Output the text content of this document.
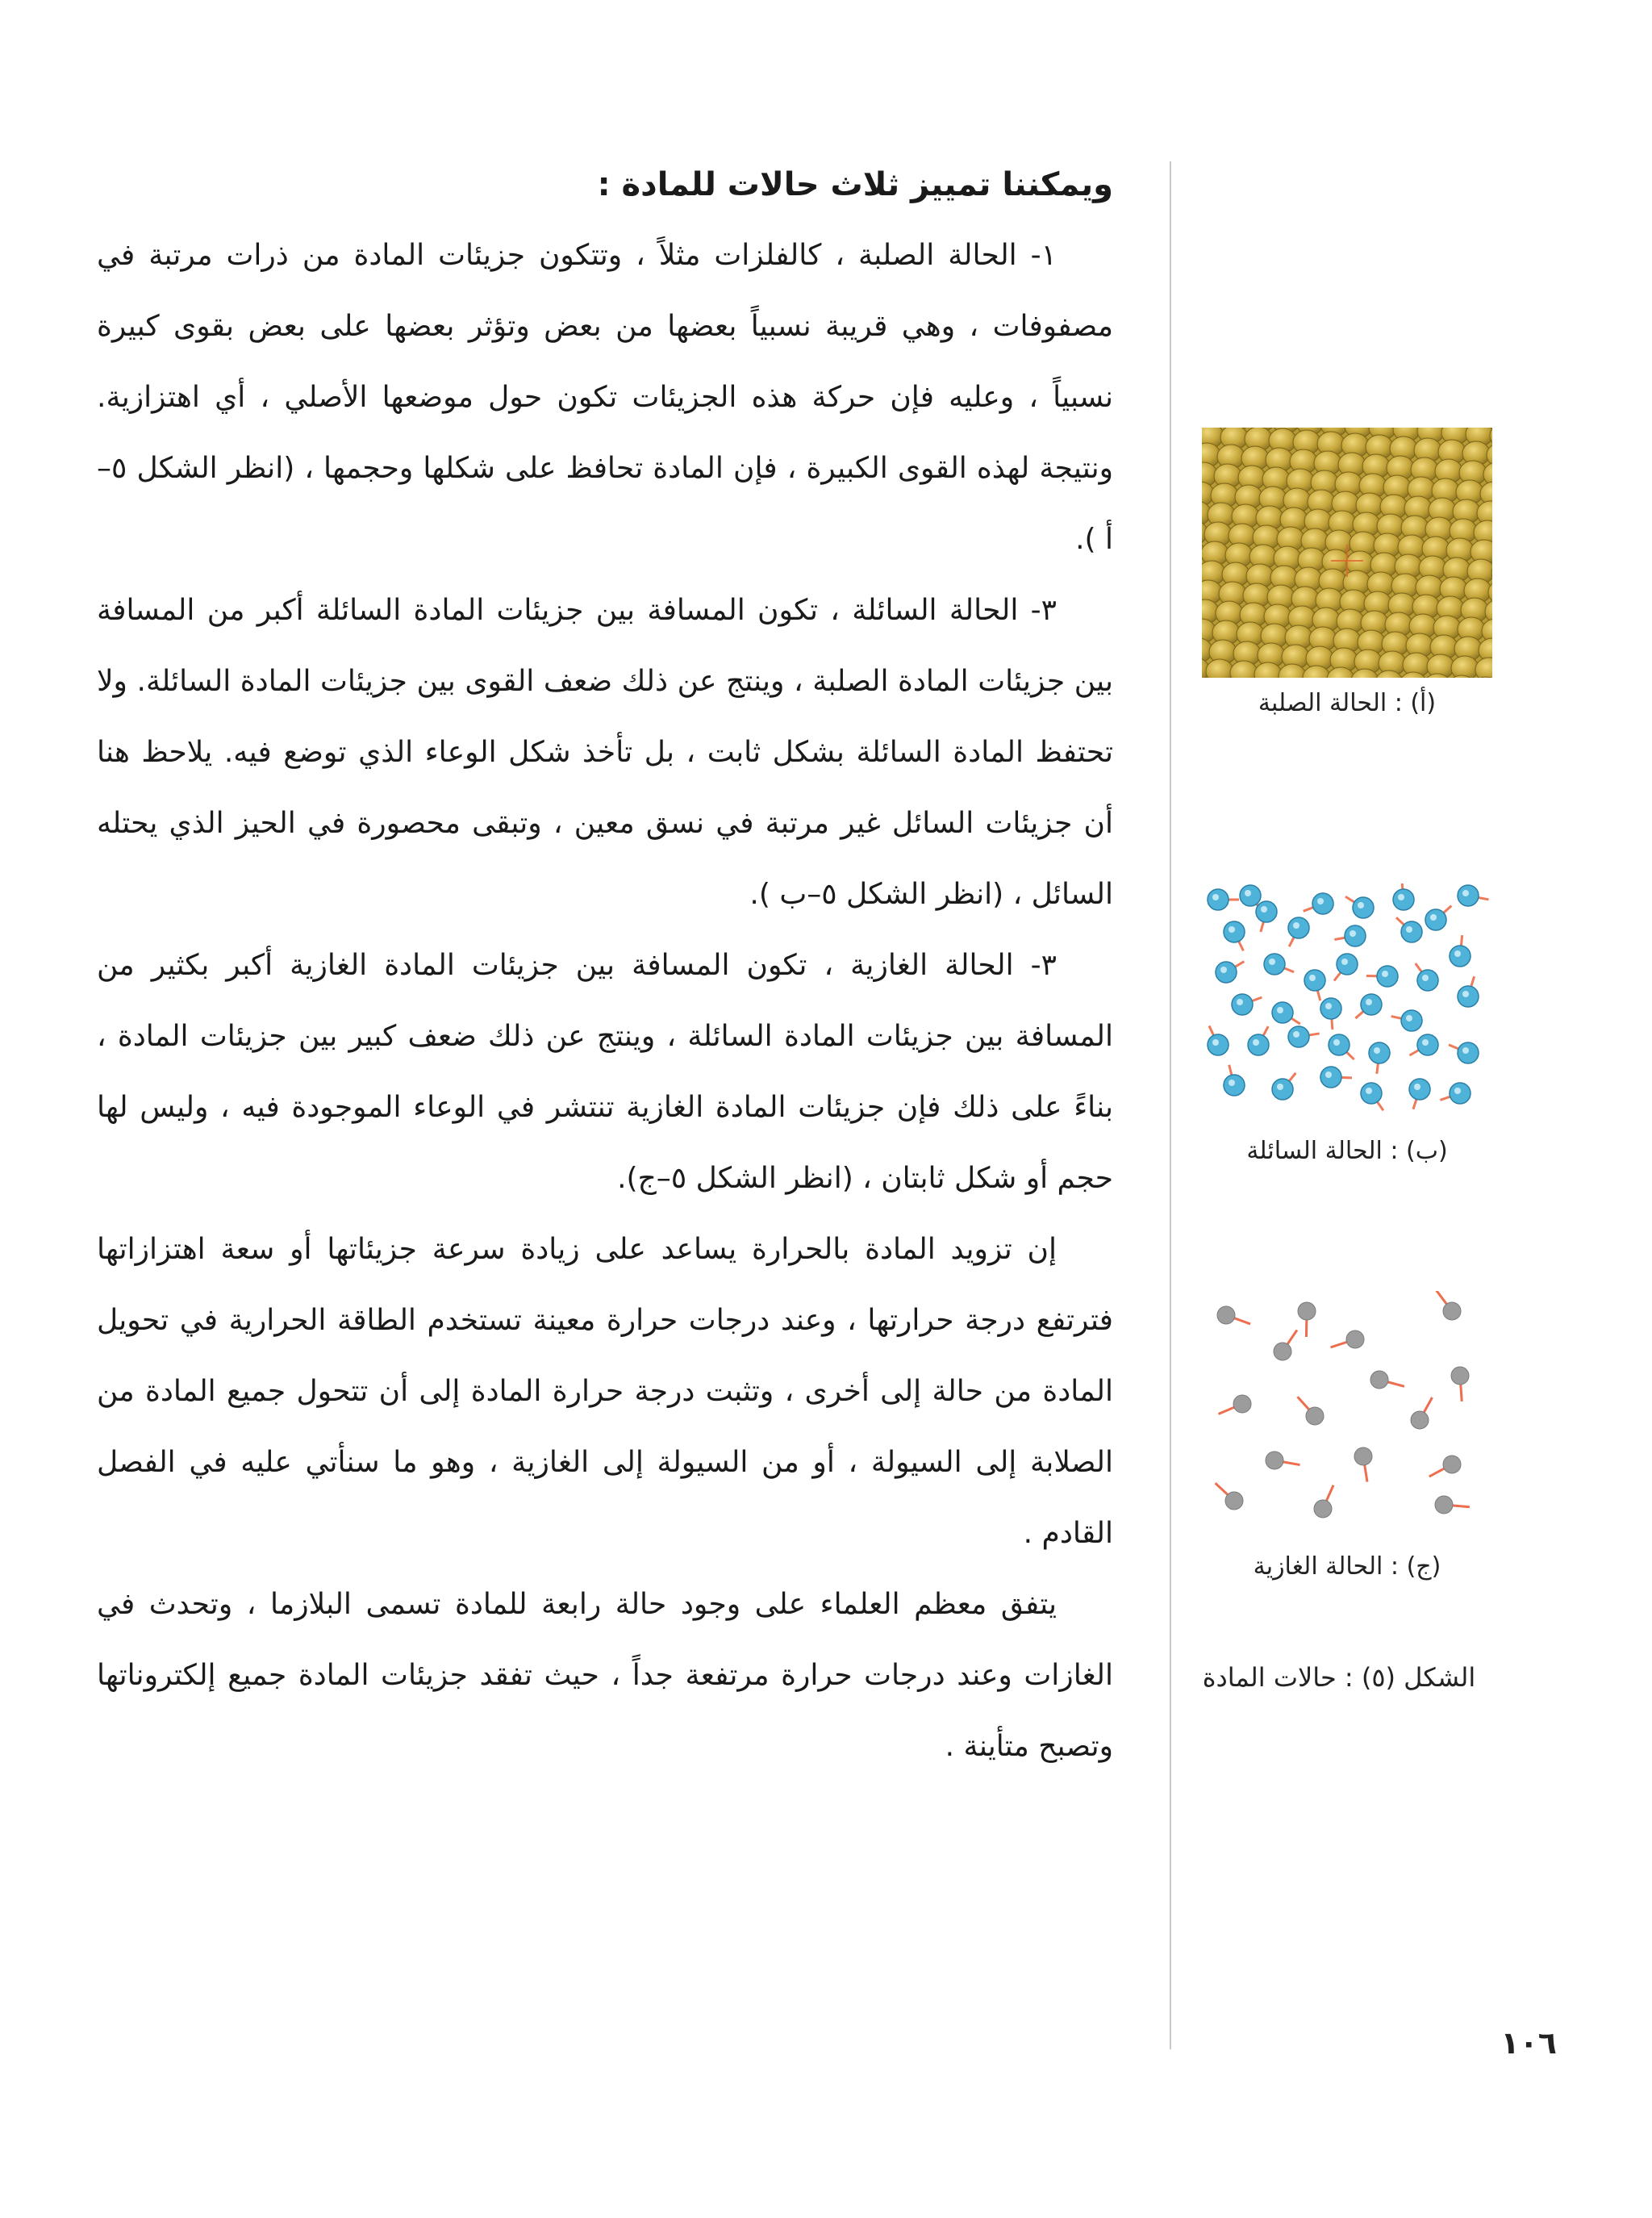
ويمكننا تمييز ثلاث حالات للمادة :

١- الحالة الصلبة ، كالفلزات مثلاً ، وتتكون جزيئات المادة من ذرات مرتبة في مصفوفات ، وهي قريبة نسبياً بعضها من بعض وتؤثر بعضها على بعض بقوى كبيرة نسبياً ، وعليه فإن حركة هذه الجزيئات تكون حول موضعها الأصلي ، أي اهتزازية. ونتيجة لهذه القوى الكبيرة ، فإن المادة تحافظ على شكلها وحجمها ، (انظر الشكل ٥–أ ).

٣- الحالة السائلة ، تكون المسافة بين جزيئات المادة السائلة أكبر من المسافة بين جزيئات المادة الصلبة ، وينتج عن ذلك ضعف القوى بين جزيئات المادة السائلة. ولا تحتفظ المادة السائلة بشكل ثابت ، بل تأخذ شكل الوعاء الذي توضع فيه. يلاحظ هنا أن جزيئات السائل غير مرتبة في نسق معين ، وتبقى محصورة في الحيز الذي يحتله السائل ، (انظر الشكل ٥–ب ).

٣- الحالة الغازية ، تكون المسافة بين جزيئات المادة الغازية أكبر بكثير من المسافة بين جزيئات المادة السائلة ، وينتج عن ذلك ضعف كبير بين جزيئات المادة ، بناءً على ذلك فإن جزيئات المادة الغازية تنتشر في الوعاء الموجودة فيه ، وليس لها حجم أو شكل ثابتان ، (انظر الشكل ٥–ج).

إن تزويد المادة بالحرارة يساعد على زيادة سرعة جزيئاتها أو سعة اهتزازاتها فترتفع درجة حرارتها ، وعند درجات حرارة معينة تستخدم الطاقة الحرارية في تحويل المادة من حالة إلى أخرى ، وتثبت درجة حرارة المادة إلى أن تتحول جميع المادة من الصلابة إلى السيولة ، أو من السيولة إلى الغازية ، وهو ما سنأتي عليه في الفصل القادم .

يتفق معظم العلماء على وجود حالة رابعة للمادة تسمى البلازما ، وتحدث في الغازات وعند درجات حرارة مرتفعة جداً ، حيث تفقد جزيئات المادة جميع إلكتروناتها وتصبح متأينة .

(أ) : الحالة الصلبة
(ب) : الحالة السائلة
(ج) : الحالة الغازية
الشكل (٥) : حالات المادة
١٠٦
